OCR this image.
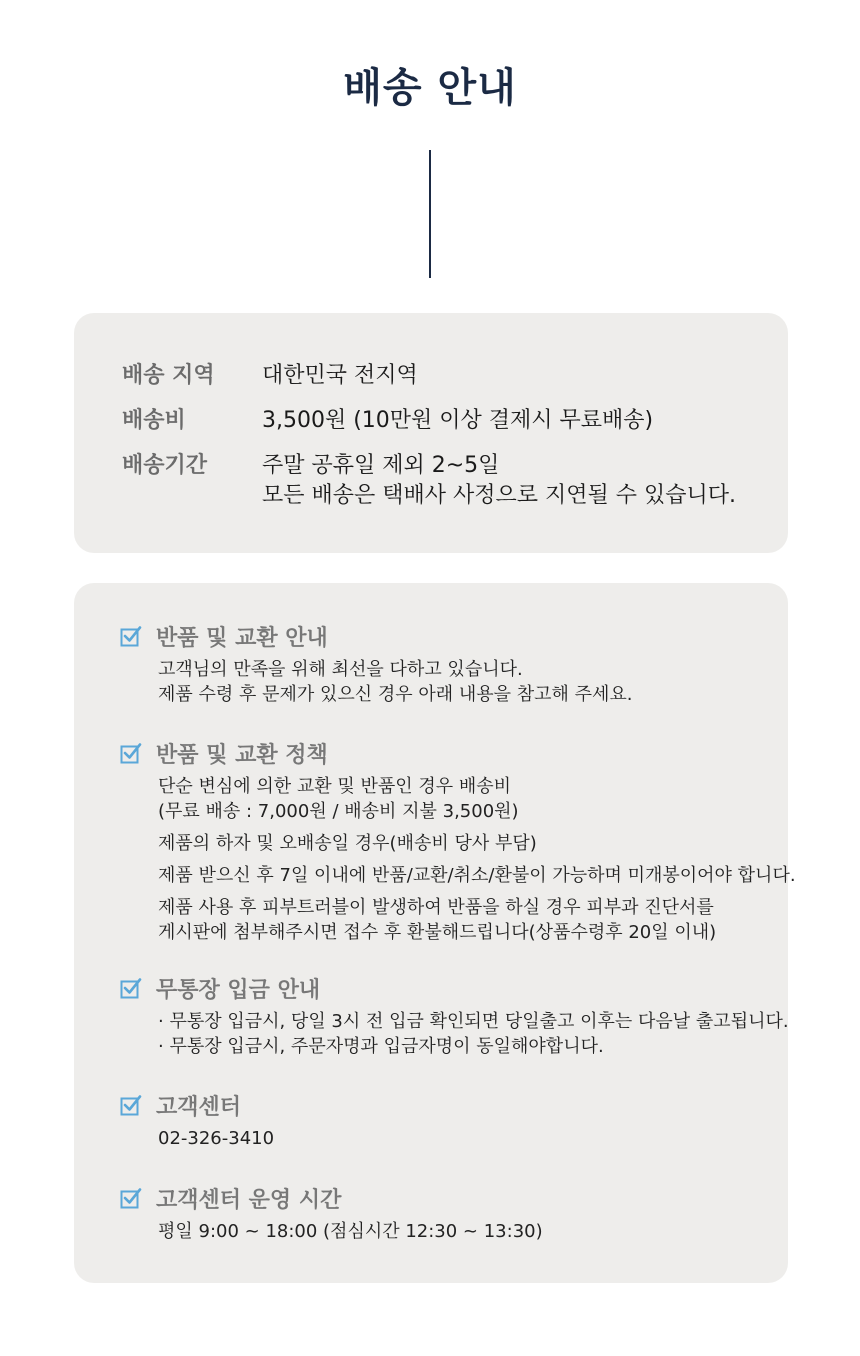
배송 안내
배송 지역	대한민국 전지역
배송비	3,500원 (10만원 이상 결제시 무료배송)
배송기간	주말 공휴일 제외 2~5일
모든 배송은 택배사 사정으로 지연될 수 있습니다.
반품 및 교환 안내
고객님의 만족을 위해 최선을 다하고 있습니다.
제품 수령 후 문제가 있으신 경우 아래 내용을 참고해 주세요.
반품 및 교환 정책
단순 변심에 의한 교환 및 반품인 경우 배송비
(무료 배송 : 7,000원 / 배송비 지불 3,500원)
제품의 하자 및 오배송일 경우(배송비 당사 부담)
제품 받으신 후 7일 이내에 반품/교환/취소/환불이 가능하며 미개봉이어야 합니다.
제품 사용 후 피부트러블이 발생하여 반품을 하실 경우 피부과 진단서를
게시판에 첨부해주시면 접수 후 환불해드립니다(상품수령후 20일 이내)
무통장 입금 안내
· 무통장 입금시, 당일 3시 전 입금 확인되면 당일출고 이후는 다음날 출고됩니다.
· 무통장 입금시, 주문자명과 입금자명이 동일해야합니다.
고객센터
02-326-3410
고객센터 운영 시간
평일 9:00 ~ 18:00 (점심시간 12:30 ~ 13:30)
